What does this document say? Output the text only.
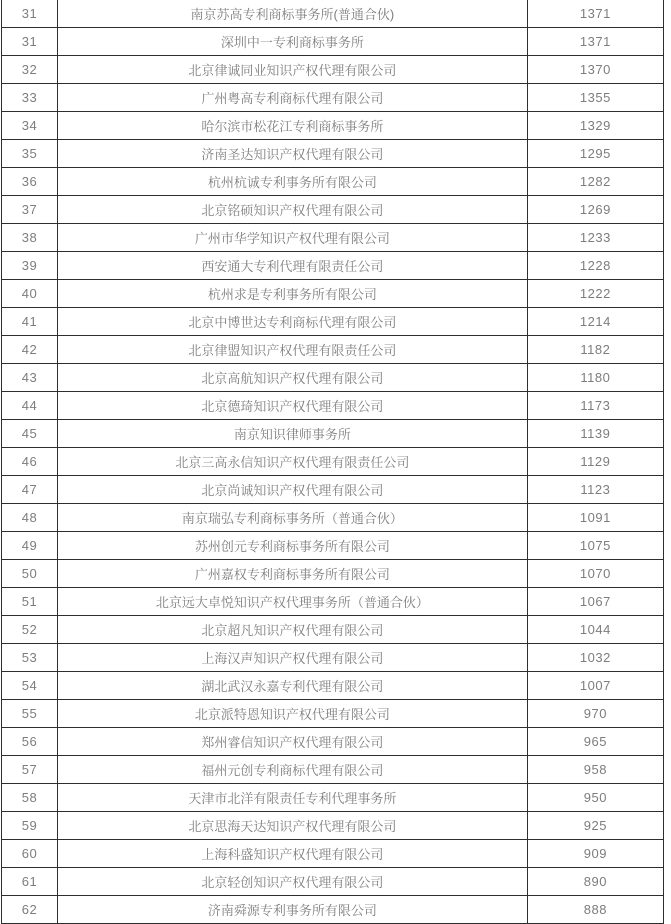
31	南京苏高专利商标事务所(普通合伙)	1371
31	深圳中一专利商标事务所	1371
32	北京律诚同业知识产权代理有限公司	1370
33	广州粤高专利商标代理有限公司	1355
34	哈尔滨市松花江专利商标事务所	1329
35	济南圣达知识产权代理有限公司	1295
36	杭州杭诚专利事务所有限公司	1282
37	北京铭硕知识产权代理有限公司	1269
38	广州市华学知识产权代理有限公司	1233
39	西安通大专利代理有限责任公司	1228
40	杭州求是专利事务所有限公司	1222
41	北京中博世达专利商标代理有限公司	1214
42	北京律盟知识产权代理有限责任公司	1182
43	北京高航知识产权代理有限公司	1180
44	北京德琦知识产权代理有限公司	1173
45	南京知识律师事务所	1139
46	北京三高永信知识产权代理有限责任公司	1129
47	北京尚诚知识产权代理有限公司	1123
48	南京瑞弘专利商标事务所（普通合伙）	1091
49	苏州创元专利商标事务所有限公司	1075
50	广州嘉权专利商标事务所有限公司	1070
51	北京远大卓悦知识产权代理事务所（普通合伙）	1067
52	北京超凡知识产权代理有限公司	1044
53	上海汉声知识产权代理有限公司	1032
54	湖北武汉永嘉专利代理有限公司	1007
55	北京派特恩知识产权代理有限公司	970
56	郑州睿信知识产权代理有限公司	965
57	福州元创专利商标代理有限公司	958
58	天津市北洋有限责任专利代理事务所	950
59	北京思海天达知识产权代理有限公司	925
60	上海科盛知识产权代理有限公司	909
61	北京轻创知识产权代理有限公司	890
62	济南舜源专利事务所有限公司	888
